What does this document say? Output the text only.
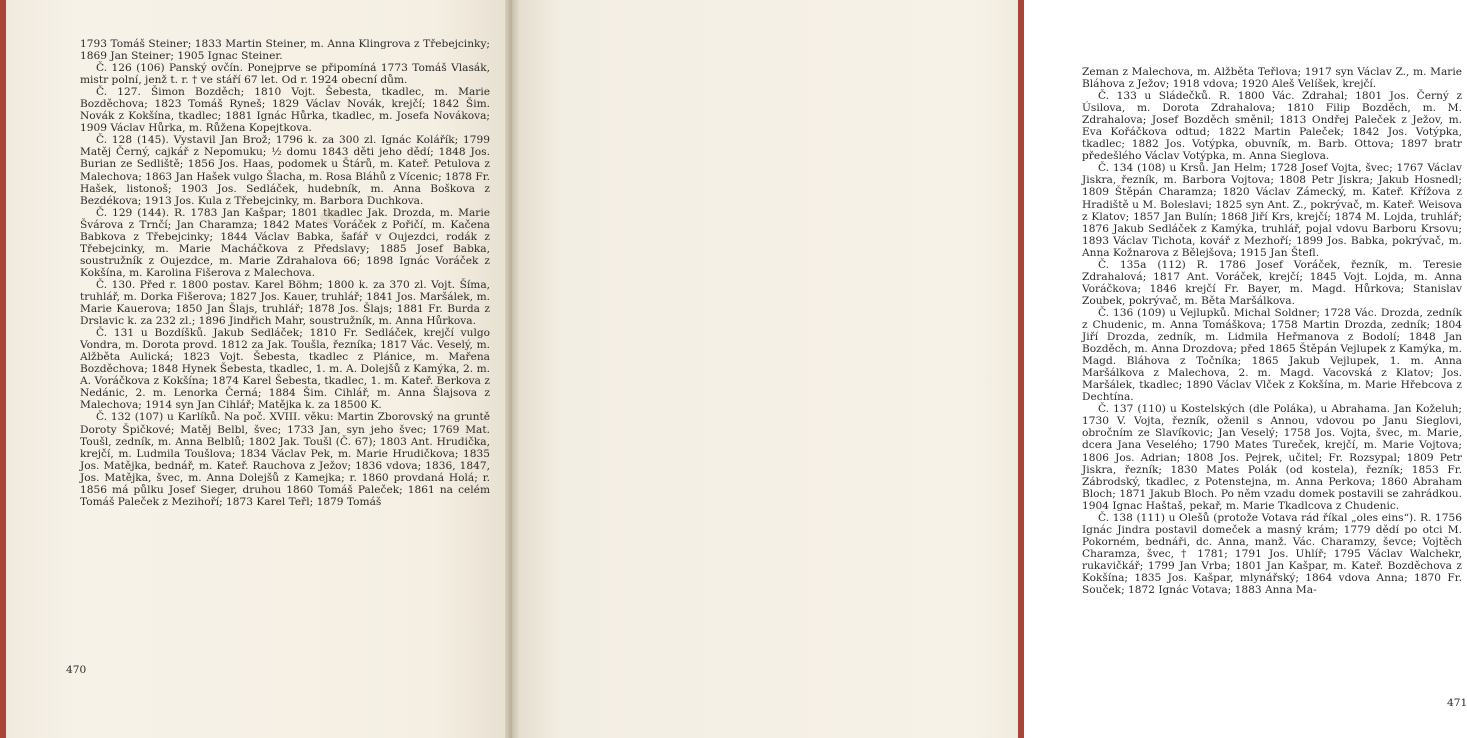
1793 Tomáš Steiner; 1833 Martin Steiner, m. Anna Klingrova z Třebejcinky; 1869 Jan Steiner; 1905 Ignac Steiner.

Č. 126 (106) Panský ovčín. Ponejprve se připomíná 1773 Tomáš Vlasák, mistr polní, jenž t. r. † ve stáří 67 let. Od r. 1924 obecní dům.

Č. 127. Šimon Bozděch; 1810 Vojt. Šebesta, tkadlec, m. Marie Bozděchova; 1823 Tomáš Ryneš; 1829 Václav Novák, krejčí; 1842 Šim. Novák z Kokšína, tkadlec; 1881 Ignác Hůrka, tkadlec, m. Josefa Novákova; 1909 Václav Hůrka, m. Růžena Kopejtkova.

Č. 128 (145). Vystavil Jan Brož; 1796 k. za 300 zl. Ignác Kolářík; 1799 Matěj Černý, cajkář z Nepomuku; ½ domu 1843 děti jeho dědí; 1848 Jos. Burian ze Sedliště; 1856 Jos. Haas, podomek u Štárů, m. Kateř. Petulova z Malechova; 1863 Jan Hašek vulgo Šlacha, m. Rosa Bláhů z Vícenic; 1878 Fr. Hašek, listonoš; 1903 Jos. Sedláček, hudebník, m. Anna Boškova z Bezdékova; 1913 Jos. Kula z Třebejcinky, m. Barbora Duchkova.

Č. 129 (144). R. 1783 Jan Kašpar; 1801 tkadlec Jak. Drozda, m. Marie Švárova z Trnčí; Jan Charamza; 1842 Mates Voráček z Pořičí, m. Kačena Babkova z Třebejcinky; 1844 Václav Babka, šafář v Oujezdci, rodák z Třebejcinky, m. Marie Macháčkova z Předslavy; 1885 Josef Babka, soustružník z Oujezdce, m. Marie Zdrahalova 66; 1898 Ignác Voráček z Kokšína, m. Karolina Fišerova z Malechova.

Č. 130. Před r. 1800 postav. Karel Böhm; 1800 k. za 370 zl. Vojt. Šíma, truhlář, m. Dorka Fišerova; 1827 Jos. Kauer, truhlář; 1841 Jos. Maršálek, m. Marie Kauerova; 1850 Jan Šlajs, truhlář; 1878 Jos. Šlajs; 1881 Fr. Burda z Drslavic k. za 232 zl.; 1896 Jindřich Mahr, soustružník, m. Anna Hůrkova.

Č. 131 u Bozdíšků. Jakub Sedláček; 1810 Fr. Sedláček, krejčí vulgo Vondra, m. Dorota provd. 1812 za Jak. Toušla, řezníka; 1817 Vác. Veselý, m. Alžběta Aulická; 1823 Vojt. Šebesta, tkadlec z Plánice, m. Mařena Bozděchova; 1848 Hynek Šebesta, tkadlec, 1. m. A. Dolejšů z Kamýka, 2. m. A. Voráčkova z Kokšína; 1874 Karel Šebesta, tkadlec, 1. m. Kateř. Berkova z Nedánic, 2. m. Lenorka Černá; 1884 Šim. Cihlář, m. Anna Šlajsova z Malechova; 1914 syn Jan Cihlář; Matějka k. za 18500 K.

Č. 132 (107) u Karlíků. Na poč. XVIII. věku: Martin Zborovský na gruntě Doroty Špičkové; Matěj Belbl, švec; 1733 Jan, syn jeho švec; 1769 Mat. Toušl, zedník, m. Anna Belblů; 1802 Jak. Toušl (Č. 67); 1803 Ant. Hrudička, krejčí, m. Ludmila Toušlova; 1834 Václav Pek, m. Marie Hrudičkova; 1835 Jos. Matějka, bednář, m. Kateř. Rauchova z Ježov; 1836 vdova; 1836, 1847, Jos. Matějka, švec, m. Anna Dolejšů z Kamejka; r. 1860 provdaná Holá; r. 1856 má půlku Josef Sieger, druhou 1860 Tomáš Paleček; 1861 na celém Tomáš Paleček z Mezihoří; 1873 Karel Teřl; 1879 Tomáš

470

Zeman z Malechova, m. Alžběta Teřlova; 1917 syn Václav Z., m. Marie Bláhova z Ježov; 1918 vdova; 1920 Aleš Velíšek, krejčí.

Č. 133 u Sládečků. R. 1800 Vác. Zdrahal; 1801 Jos. Černý z Úsilova, m. Dorota Zdrahalova; 1810 Filip Bozděch, m. M. Zdrahalova; Josef Bozděch směnil; 1813 Ondřej Paleček z Ježov, m. Eva Kořáčkova odtud; 1822 Martin Paleček; 1842 Jos. Votýpka, tkadlec; 1882 Jos. Votýpka, obuvník, m. Barb. Ottova; 1897 bratr předešlého Václav Votýpka, m. Anna Sieglova.

Č. 134 (108) u Krsů. Jan Helm; 1728 Josef Vojta, švec; 1767 Václav Jiskra, řezník, m. Barbora Vojtova; 1808 Petr Jiskra; Jakub Hosnedl; 1809 Štěpán Charamza; 1820 Václav Zámecký, m. Kateř. Křížova z Hradiště u M. Boleslavi; 1825 syn Ant. Z., pokrývač, m. Kateř. Weisova z Klatov; 1857 Jan Bulín; 1868 Jiří Krs, krejčí; 1874 M. Lojda, truhlář; 1876 Jakub Sedláček z Kamýka, truhlář, pojal vdovu Barboru Krsovu; 1893 Václav Tichota, kovář z Mezhoří; 1899 Jos. Babka, pokrývač, m. Anna Kožnarova z Bělejšova; 1915 Jan Štefl.

Č. 135a (112) R. 1786 Josef Voráček, řezník, m. Teresie Zdrahalová; 1817 Ant. Voráček, krejčí; 1845 Vojt. Lojda, m. Anna Voráčkova; 1846 krejčí Fr. Bayer, m. Magd. Hůrkova; Stanislav Zoubek, pokrývač, m. Běta Maršálkova.

Č. 136 (109) u Vejlupků. Michal Soldner; 1728 Vác. Drozda, zedník z Chudenic, m. Anna Tomáškova; 1758 Martin Drozda, zedník; 1804 Jiří Drozda, zedník, m. Lidmila Heřmanova z Bodolí; 1848 Jan Bozděch, m. Anna Drozdova; před 1865 Štěpán Vejlupek z Kamýka, m. Magd. Bláhova z Točníka; 1865 Jakub Vejlupek, 1. m. Anna Maršálkova z Malechova, 2. m. Magd. Vacovská z Klatov; Jos. Maršálek, tkadlec; 1890 Václav Vlček z Kokšína, m. Marie Hřebcova z Dechtína.

Č. 137 (110) u Kostelských (dle Poláka), u Abrahama. Jan Koželuh; 1730 V. Vojta, řezník, oženil s Annou, vdovou po Janu Sieglovi, obročním ze Slavíkovic; Jan Veselý; 1758 Jos. Vojta, švec, m. Marie, dcera Jana Veselého; 1790 Mates Tureček, krejčí, m. Marie Vojtova; 1806 Jos. Adrian; 1808 Jos. Pejrek, učitel; Fr. Rozsypal; 1809 Petr Jiskra, řezník; 1830 Mates Polák (od kostela), řezník; 1853 Fr. Zábrodský, tkadlec, z Potenstejna, m. Anna Perkova; 1860 Abraham Bloch; 1871 Jakub Bloch. Po něm vzadu domek postavili se zahrádkou. 1904 Ignac Haštaš, pekař, m. Marie Tkadlcova z Chudenic.

Č. 138 (111) u Olešů (protože Votava rád říkal „oles eins“). R. 1756 Ignác Jindra postavil domeček a masný krám; 1779 dědí po otci M. Pokorném, bednáři, dc. Anna, manž. Vác. Charamzy, ševce; Vojtěch Charamza, švec, † 1781; 1791 Jos. Uhlíř; 1795 Václav Walchekr, rukavičkář; 1799 Jan Vrba; 1801 Jan Kašpar, m. Kateř. Bozděchova z Kokšína; 1835 Jos. Kašpar, mlynářský; 1864 vdova Anna; 1870 Fr. Souček; 1872 Ignác Votava; 1883 Anna Ma-

471
